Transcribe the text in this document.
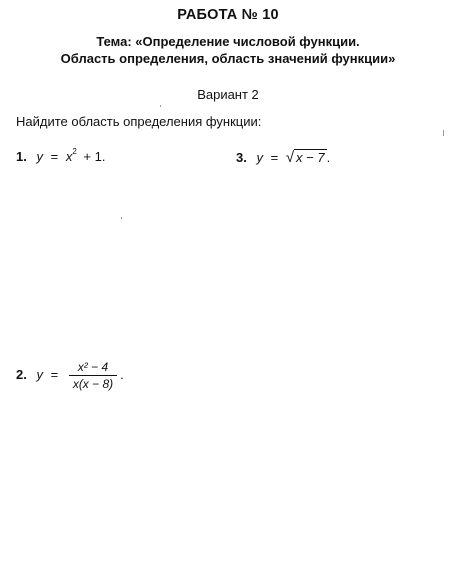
РАБОТА № 10
Тема: «Определение числовой функции.
Область определения, область значений функции»
Вариант 2
Найдите область определения функции:
1. $y = x^2 + 1$.	3. y = √ x − 7 .
2. $y = \frac{\text{x² − 4}}{x(x - 8)}$ .
